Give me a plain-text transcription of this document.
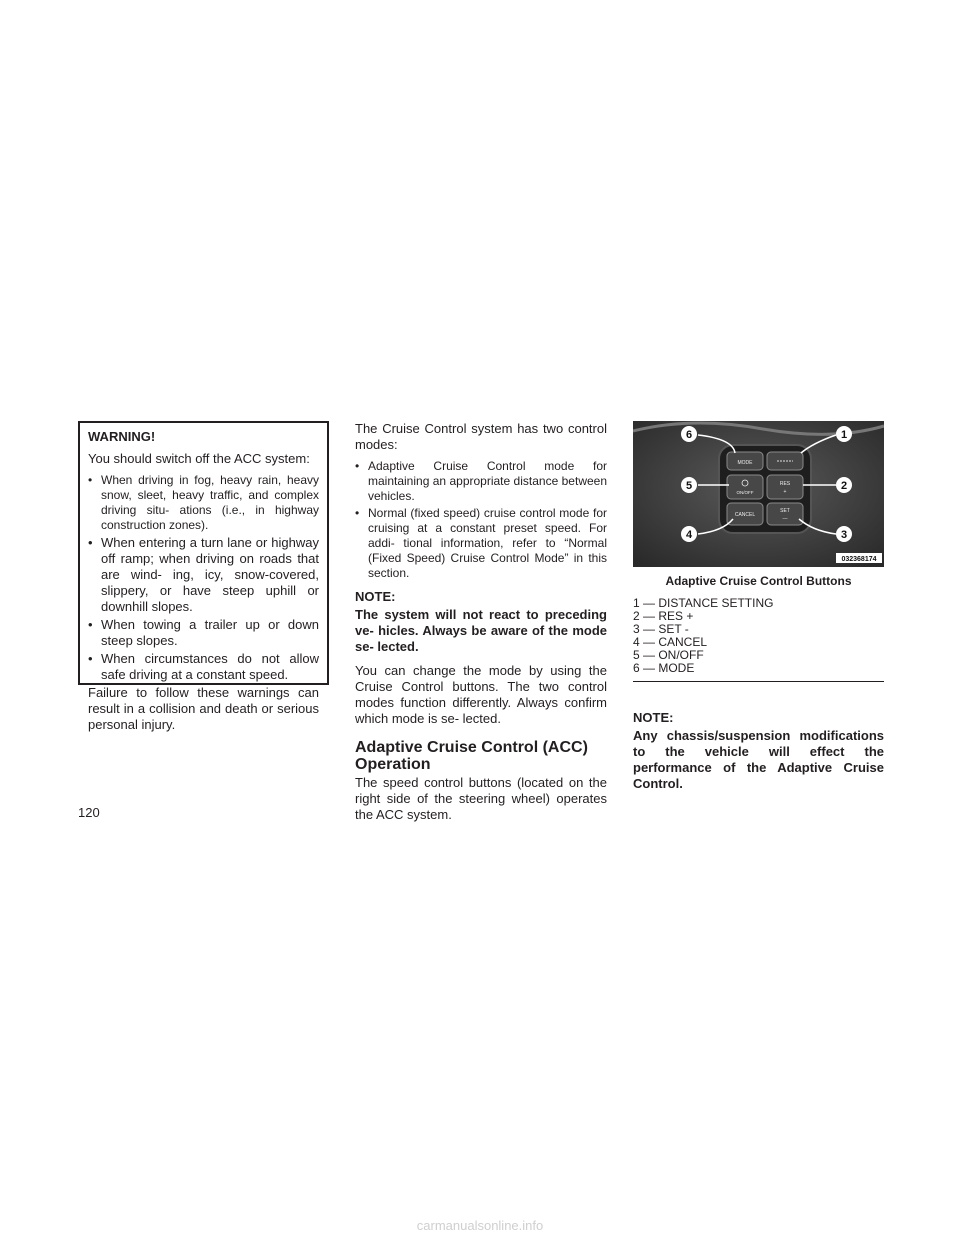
WARNING!
You should switch off the ACC system:
• When driving in fog, heavy rain, heavy snow, sleet, heavy traffic, and complex driving situ- ations (i.e., in highway construction zones).
• When entering a turn lane or highway off ramp; when driving on roads that are wind- ing, icy, snow-covered, slippery, or have steep uphill or downhill slopes.
• When towing a trailer up or down steep slopes.
• When circumstances do not allow safe driving at a constant speed.
Failure to follow these warnings can result in a collision and death or serious personal injury.
The Cruise Control system has two control modes:
• Adaptive Cruise Control mode for maintaining an appropriate distance between vehicles.
• Normal (fixed speed) cruise control mode for cruising at a constant preset speed. For addi- tional information, refer to “Normal (Fixed Speed) Cruise Control Mode” in this section.
NOTE:
The system will not react to preceding ve- hicles. Always be aware of the mode se- lected.
You can change the mode by using the Cruise Control buttons. The two control modes function differently. Always confirm which mode is se- lected.
Adaptive Cruise Control (ACC)
Operation
The speed control buttons (located on the right side of the steering wheel) operates the ACC system.
MODE
ON/OFF
RES
+
CANCEL
SET
—
6	1
5	2
4	3
032368174
Adaptive Cruise Control Buttons
1 — DISTANCE SETTING
2 — RES +
3 — SET -
4 — CANCEL
5 — ON/OFF
6 — MODE
NOTE:
Any chassis/suspension modifications to the vehicle will effect the performance of the Adaptive Cruise Control.
120
carmanualsonline.info
